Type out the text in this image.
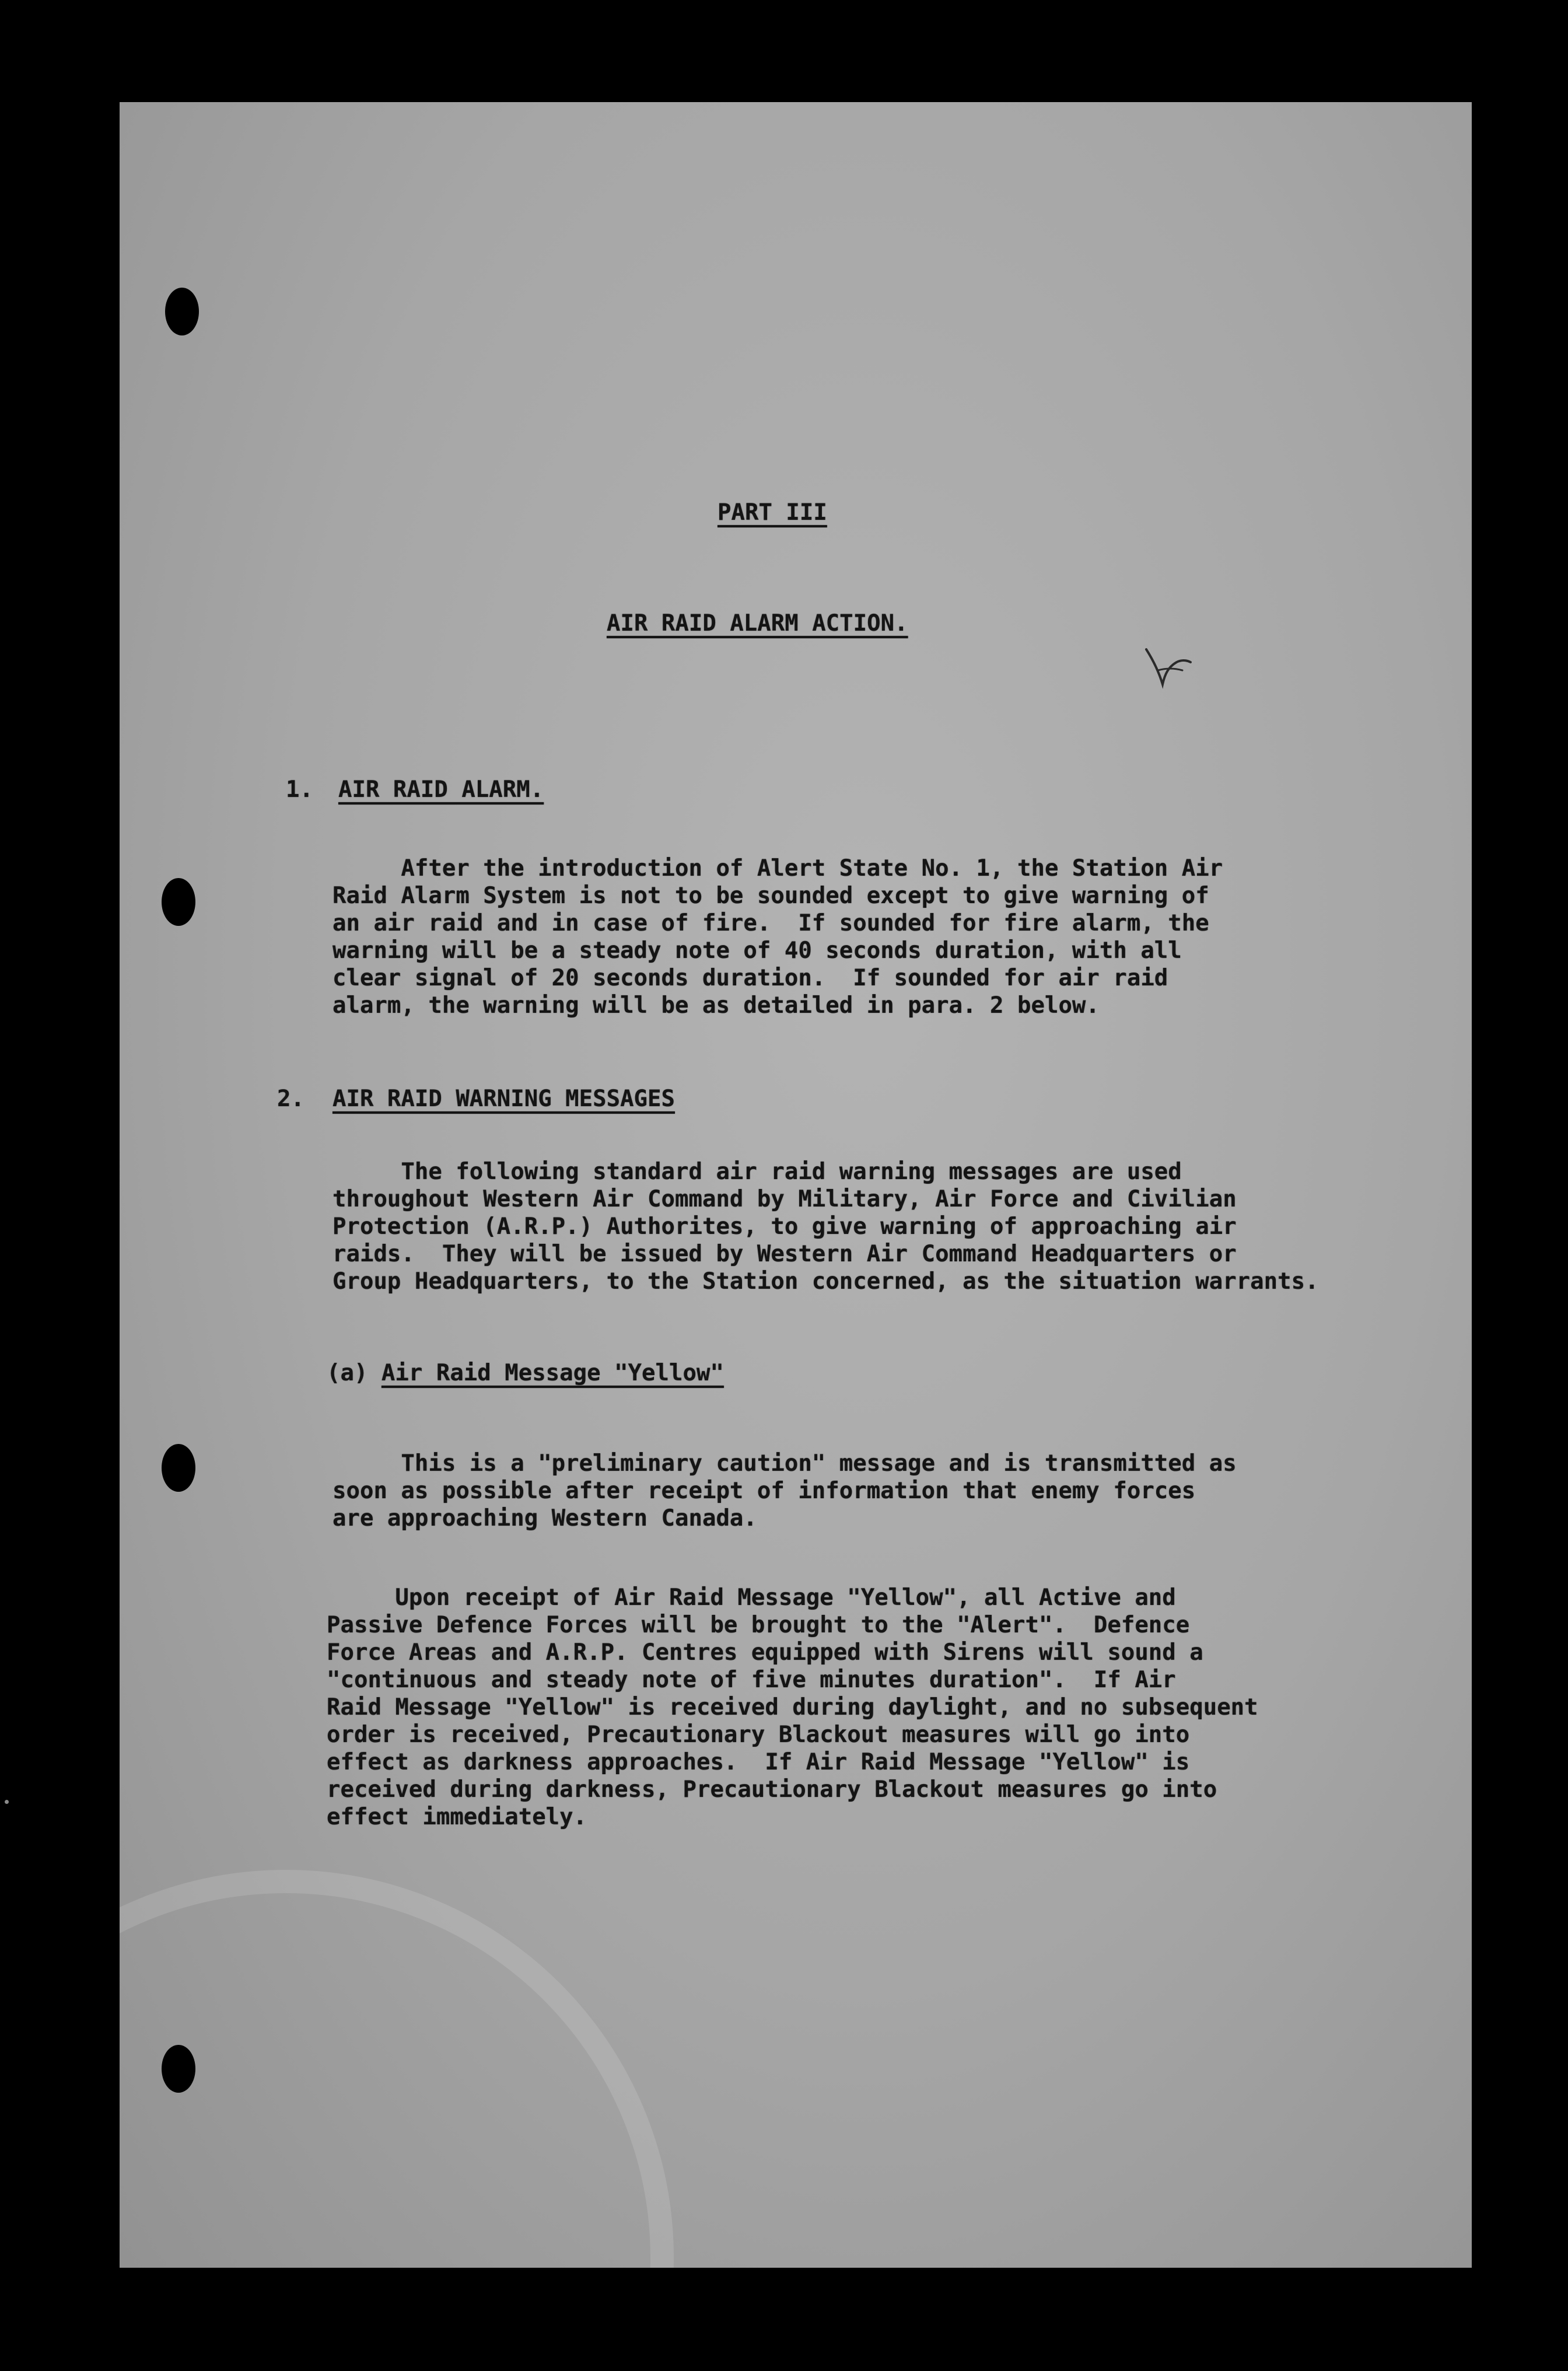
PART III
AIR RAID ALARM ACTION.
1. AIR RAID ALARM.
After the introduction of Alert State No. 1, the Station Air
Raid Alarm System is not to be sounded except to give warning of
an air raid and in case of fire.  If sounded for fire alarm, the
warning will be a steady note of 40 seconds duration, with all
clear signal of 20 seconds duration.  If sounded for air raid
alarm, the warning will be as detailed in para. 2 below.
2. AIR RAID WARNING MESSAGES
The following standard air raid warning messages are used
throughout Western Air Command by Military, Air Force and Civilian
Protection (A.R.P.) Authorites, to give warning of approaching air
raids.  They will be issued by Western Air Command Headquarters or
Group Headquarters, to the Station concerned, as the situation warrants.
(a) Air Raid Message "Yellow"
This is a "preliminary caution" message and is transmitted as
soon as possible after receipt of information that enemy forces
are approaching Western Canada.
Upon receipt of Air Raid Message "Yellow", all Active and
Passive Defence Forces will be brought to the "Alert".  Defence
Force Areas and A.R.P. Centres equipped with Sirens will sound a
"continuous and steady note of five minutes duration".  If Air
Raid Message "Yellow" is received during daylight, and no subsequent
order is received, Precautionary Blackout measures will go into
effect as darkness approaches.  If Air Raid Message "Yellow" is
received during darkness, Precautionary Blackout measures go into
effect immediately.
